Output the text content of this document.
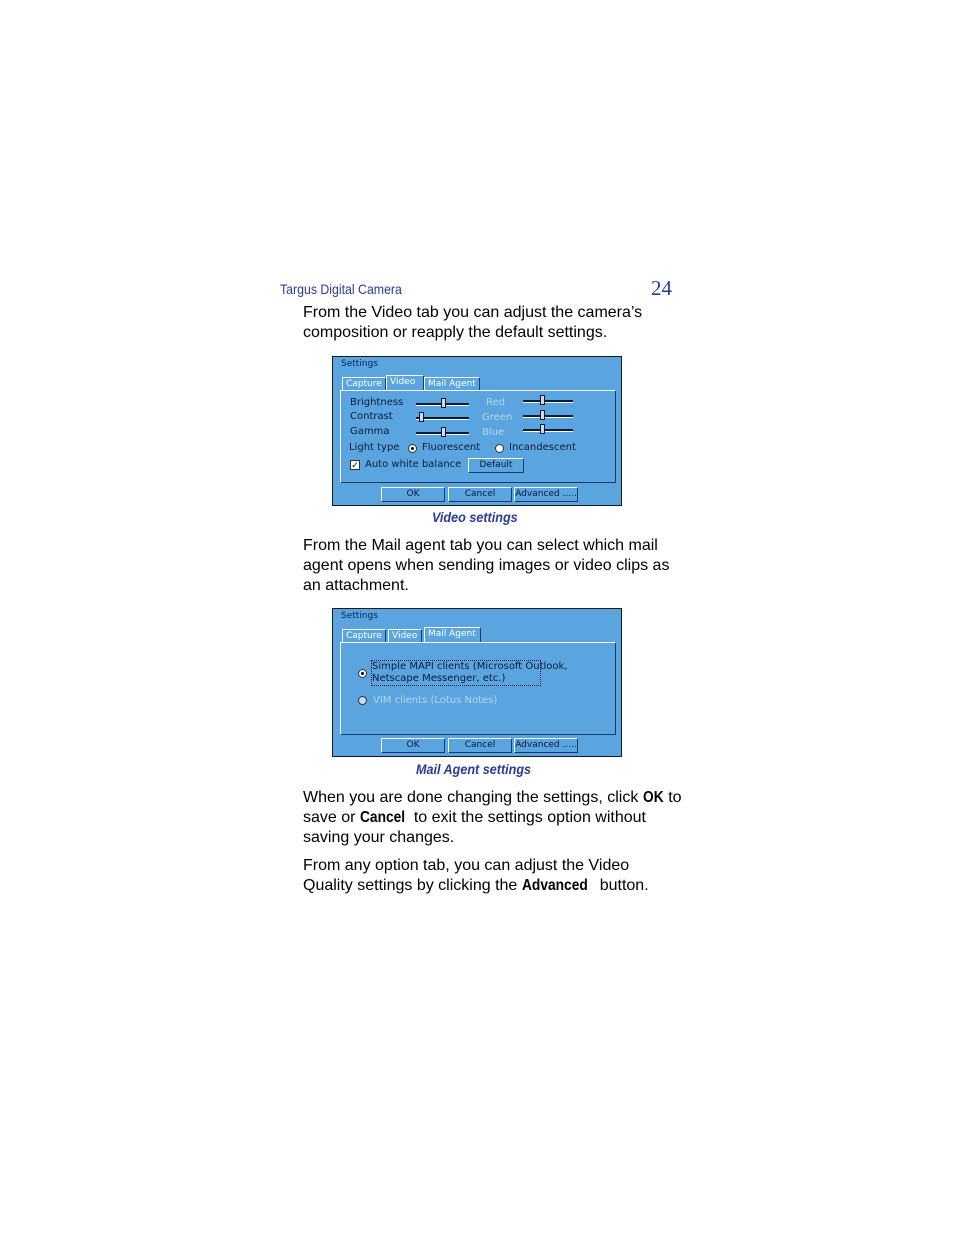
Targus Digital Camera	24
From the Video tab you can adjust the camera’s composition or reapply the default settings.
Settings
Capture Video	Mail Agent
Brightness
Contrast
Gamma
Red
Green
Blue
Light type Fluorescent	Incandescent
✓ Auto white balance	Default
OK	Cancel	Advanced .....
Video settings
From the Mail agent tab you can select which mail agent opens when sending images or video clips as an attachment.
Settings
Capture	Video	Mail Agent
Simple MAPI clients (Microsoft Outlook,
Netscape Messenger, etc.)
VIM clients (Lotus Notes)
OK	Cancel	Advanced .....
Mail Agent settings
When you are done changing the settings, click OK to save or Cancel to exit the settings option without saving your changes.
From any option tab, you can adjust the Video Quality settings by clicking the Advanced button.
